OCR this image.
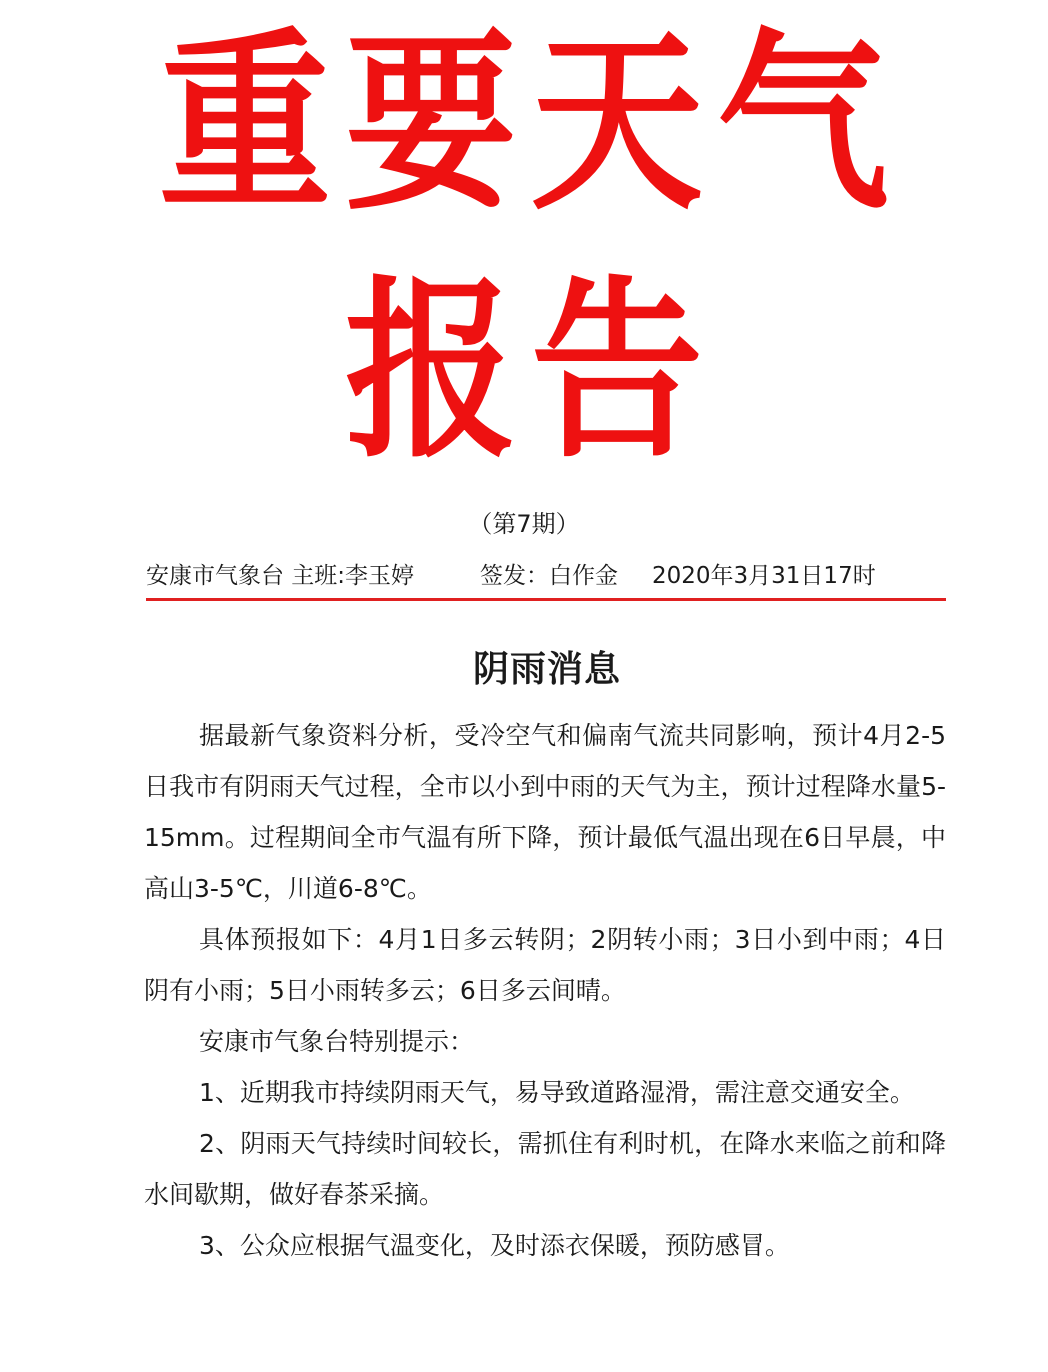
重 要 天 气
报 告
（第7期）
安康市气象台 主班:李玉婷	签发：白作金 2020年3月31日17时
阴雨消息

据最新气象资料分析，受冷空气和偏南气流共同影响，预计4月2-5日我市有阴雨天气过程，全市以小到中雨的天气为主，预计过程降水量5-15mm。过程期间全市气温有所下降，预计最低气温出现在6日早晨，中高山3-5℃，川道6-8℃。

具体预报如下：4月1日多云转阴；2阴转小雨；3日小到中雨；4日阴有小雨；5日小雨转多云；6日多云间晴。

安康市气象台特别提示：

1、近期我市持续阴雨天气，易导致道路湿滑，需注意交通安全。

2、阴雨天气持续时间较长，需抓住有利时机，在降水来临之前和降水间歇期，做好春茶采摘。

3、公众应根据气温变化，及时添衣保暖，预防感冒。
